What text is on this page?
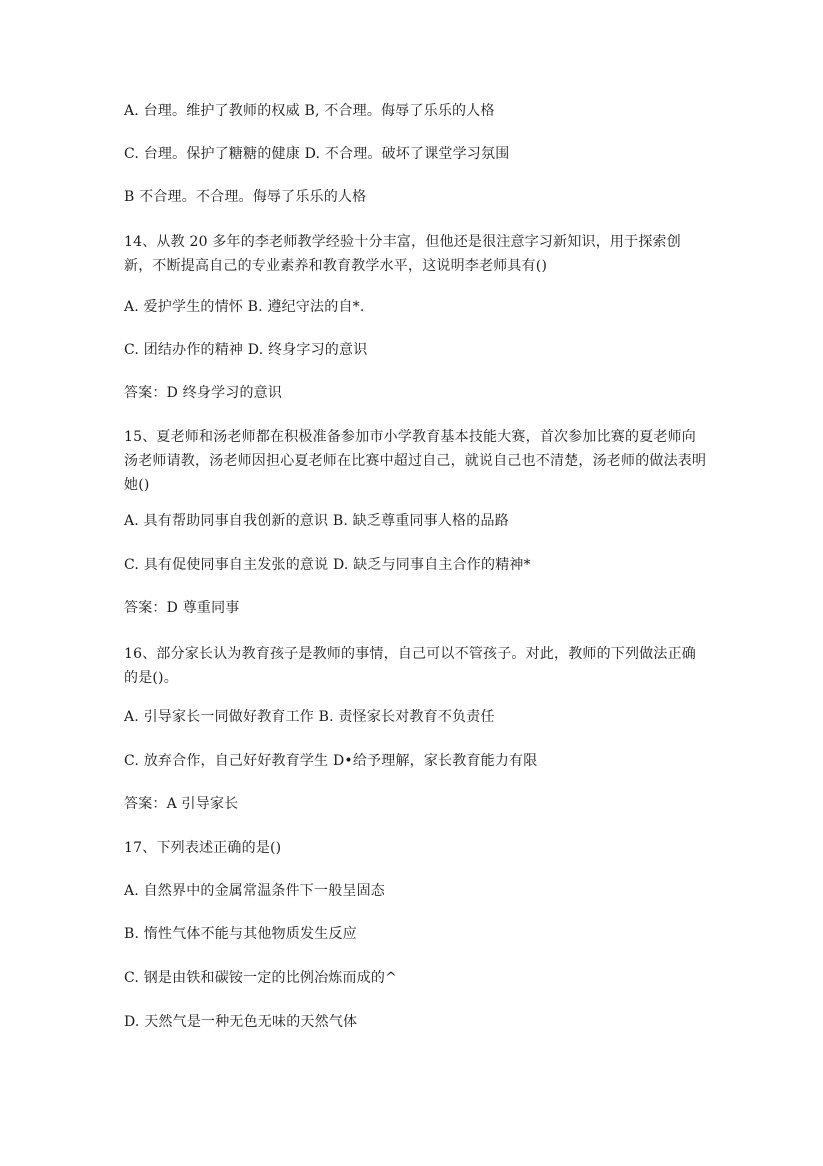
A. 台理。维护了教师的权威 B, 不合理。侮辱了乐乐的人格
C. 台理。保护了糖糖的健康 D. 不合理。破坏了课堂学习氛围
B 不合理。不合理。侮辱了乐乐的人格
14、从教 20 多年的李老师教学经验十分丰富，但他还是很注意字习新知识，用于探索创新，不断提高自己的专业素养和教育教学水平，这说明李老师具有()
A. 爱护学生的情怀 B. 遵纪守法的自*.
C. 团结办作的精神 D. 终身字习的意识
答案：D 终身学习的意识
15、夏老师和汤老师都在积极准备参加市小学教育基本技能大赛，首次参加比赛的夏老师向汤老师请教，汤老师因担心夏老师在比赛中超过自己，就说自己也不清楚，汤老师的做法表明她()
A. 具有帮助同事自我创新的意识 B. 缺乏尊重同事人格的品路
C. 具有促使同事自主发张的意说 D. 缺乏与同事自主合作的精神*
答案：D 尊重同事
16、部分家长认为教育孩子是教师的事情，自己可以不管孩子。对此，教师的下列做法正确的是()。
A. 引导家长一同做好教育工作 B. 责怪家长对教育不负责任
C. 放弃合作，自己好好教育学生 D•给予理解，家长教育能力有限
答案：A 引导家长
17、下列表述正确的是()
A. 自然界中的金属常温条件下一般呈固态
B. 惰性气体不能与其他物质发生反应
C. 钢是由铁和碳铵一定的比例冶炼而成的^
D. 天然气是一种无色无味的天然气体
